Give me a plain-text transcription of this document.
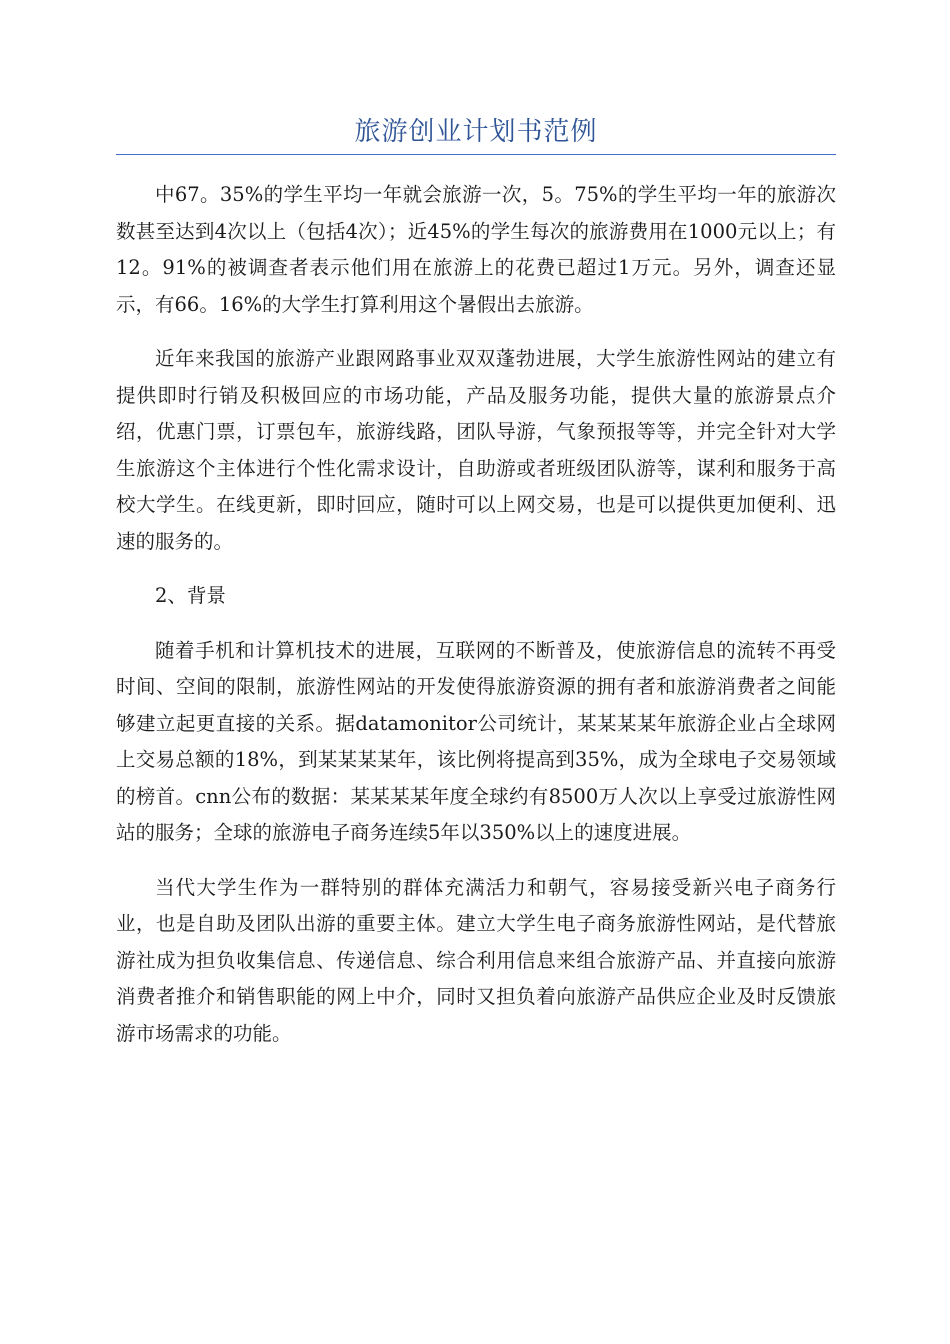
旅游创业计划书范例

中67。35%的学生平均一年就会旅游一次，5。75%的学生平均一年的旅游次数甚至达到4次以上（包括4次）；近45%的学生每次的旅游费用在1000元以上；有12。91%的被调查者表示他们用在旅游上的花费已超过1万元。另外，调查还显示，有66。16%的大学生打算利用这个暑假出去旅游。

近年来我国的旅游产业跟网路事业双双蓬勃进展，大学生旅游性网站的建立有提供即时行销及积极回应的市场功能，产品及服务功能，提供大量的旅游景点介绍，优惠门票，订票包车，旅游线路，团队导游，气象预报等等，并完全针对大学生旅游这个主体进行个性化需求设计，自助游或者班级团队游等，谋利和服务于高校大学生。在线更新，即时回应，随时可以上网交易，也是可以提供更加便利、迅速的服务的。

2、背景

随着手机和计算机技术的进展，互联网的不断普及，使旅游信息的流转不再受时间、空间的限制，旅游性网站的开发使得旅游资源的拥有者和旅游消费者之间能够建立起更直接的关系。据datamonitor公司统计，某某某某年旅游企业占全球网上交易总额的18%，到某某某某年，该比例将提高到35%，成为全球电子交易领域的榜首。cnn公布的数据：某某某某年度全球约有8500万人次以上享受过旅游性网站的服务；全球的旅游电子商务连续5年以350%以上的速度进展。

当代大学生作为一群特别的群体充满活力和朝气，容易接受新兴电子商务行业，也是自助及团队出游的重要主体。建立大学生电子商务旅游性网站，是代替旅游社成为担负收集信息、传递信息、综合利用信息来组合旅游产品、并直接向旅游消费者推介和销售职能的网上中介，同时又担负着向旅游产品供应企业及时反馈旅游市场需求的功能。
